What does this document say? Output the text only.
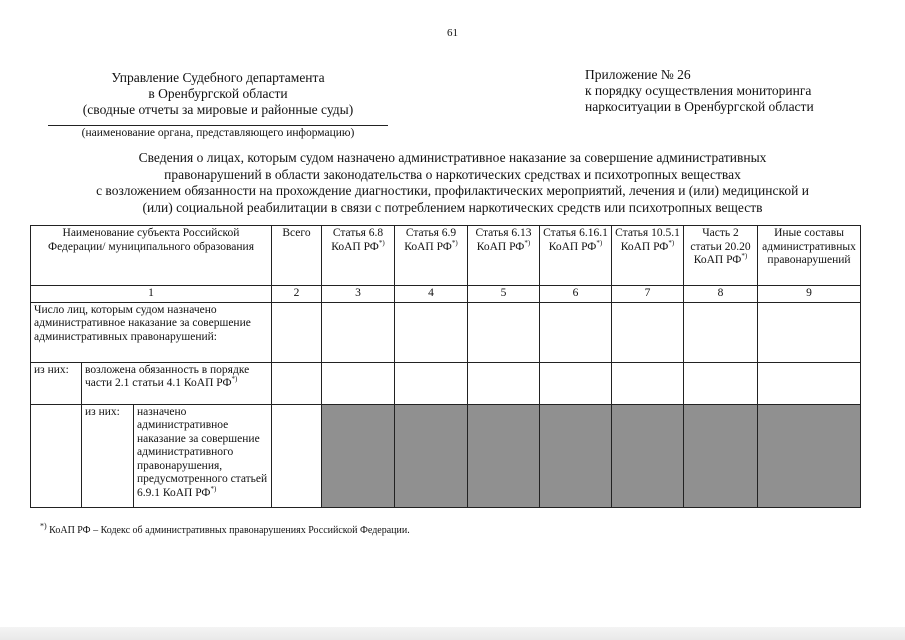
61
Управление Судебного департамента
в Оренбургской области
(сводные отчеты за мировые и районные суды)
(наименование органа, представляющего информацию)
Приложение № 26
к порядку осуществления мониторинга
наркоситуации в Оренбургской области
Сведения о лицах, которым судом назначено административное наказание за совершение административных
правонарушений в области законодательства о наркотических средствах и психотропных веществах
с возложением обязанности на прохождение диагностики, профилактических мероприятий, лечения и (или) медицинской и
(или) социальной реабилитации в связи с потреблением наркотических средств или психотропных веществ
Наименование субъекта Российской Федерации/ муниципального образования			Всего	Статья 6.8 КоАП РФ*)	Статья 6.9 КоАП РФ*)	Статья 6.13 КоАП РФ*)	Статья 6.16.1 КоАП РФ*)	Статья 10.5.1 КоАП РФ*)	Часть 2 статьи 20.20 КоАП РФ*)	Иные составы административных правонарушений
1			2	3	4	5	6	7	8	9
Число лиц, которым судом назначено административное наказание за совершение административных правонарушений:										
из них:	возложена обязанность в порядке части 2.1 статьи 4.1 КоАП РФ*)								
	из них:	назначено административное наказание за совершение административного правонарушения, предусмотренного статьей 6.9.1 КоАП РФ*)								
*) КоАП РФ – Кодекс об административных правонарушениях Российской Федерации.
